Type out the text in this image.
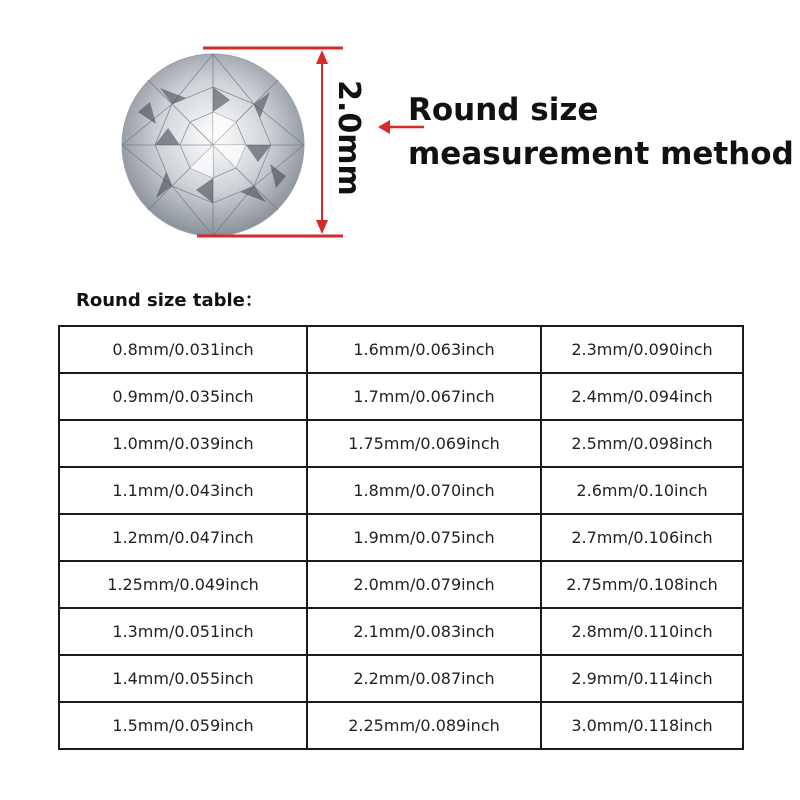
2.0mm Round size
measurement method
Round size table：
0.8mm/0.031inch	1.6mm/0.063inch	2.3mm/0.090inch
0.9mm/0.035inch	1.7mm/0.067inch	2.4mm/0.094inch
1.0mm/0.039inch	1.75mm/0.069inch	2.5mm/0.098inch
1.1mm/0.043inch	1.8mm/0.070inch	2.6mm/0.10inch
1.2mm/0.047inch	1.9mm/0.075inch	2.7mm/0.106inch
1.25mm/0.049inch	2.0mm/0.079inch	2.75mm/0.108inch
1.3mm/0.051inch	2.1mm/0.083inch	2.8mm/0.110inch
1.4mm/0.055inch	2.2mm/0.087inch	2.9mm/0.114inch
1.5mm/0.059inch	2.25mm/0.089inch	3.0mm/0.118inch
